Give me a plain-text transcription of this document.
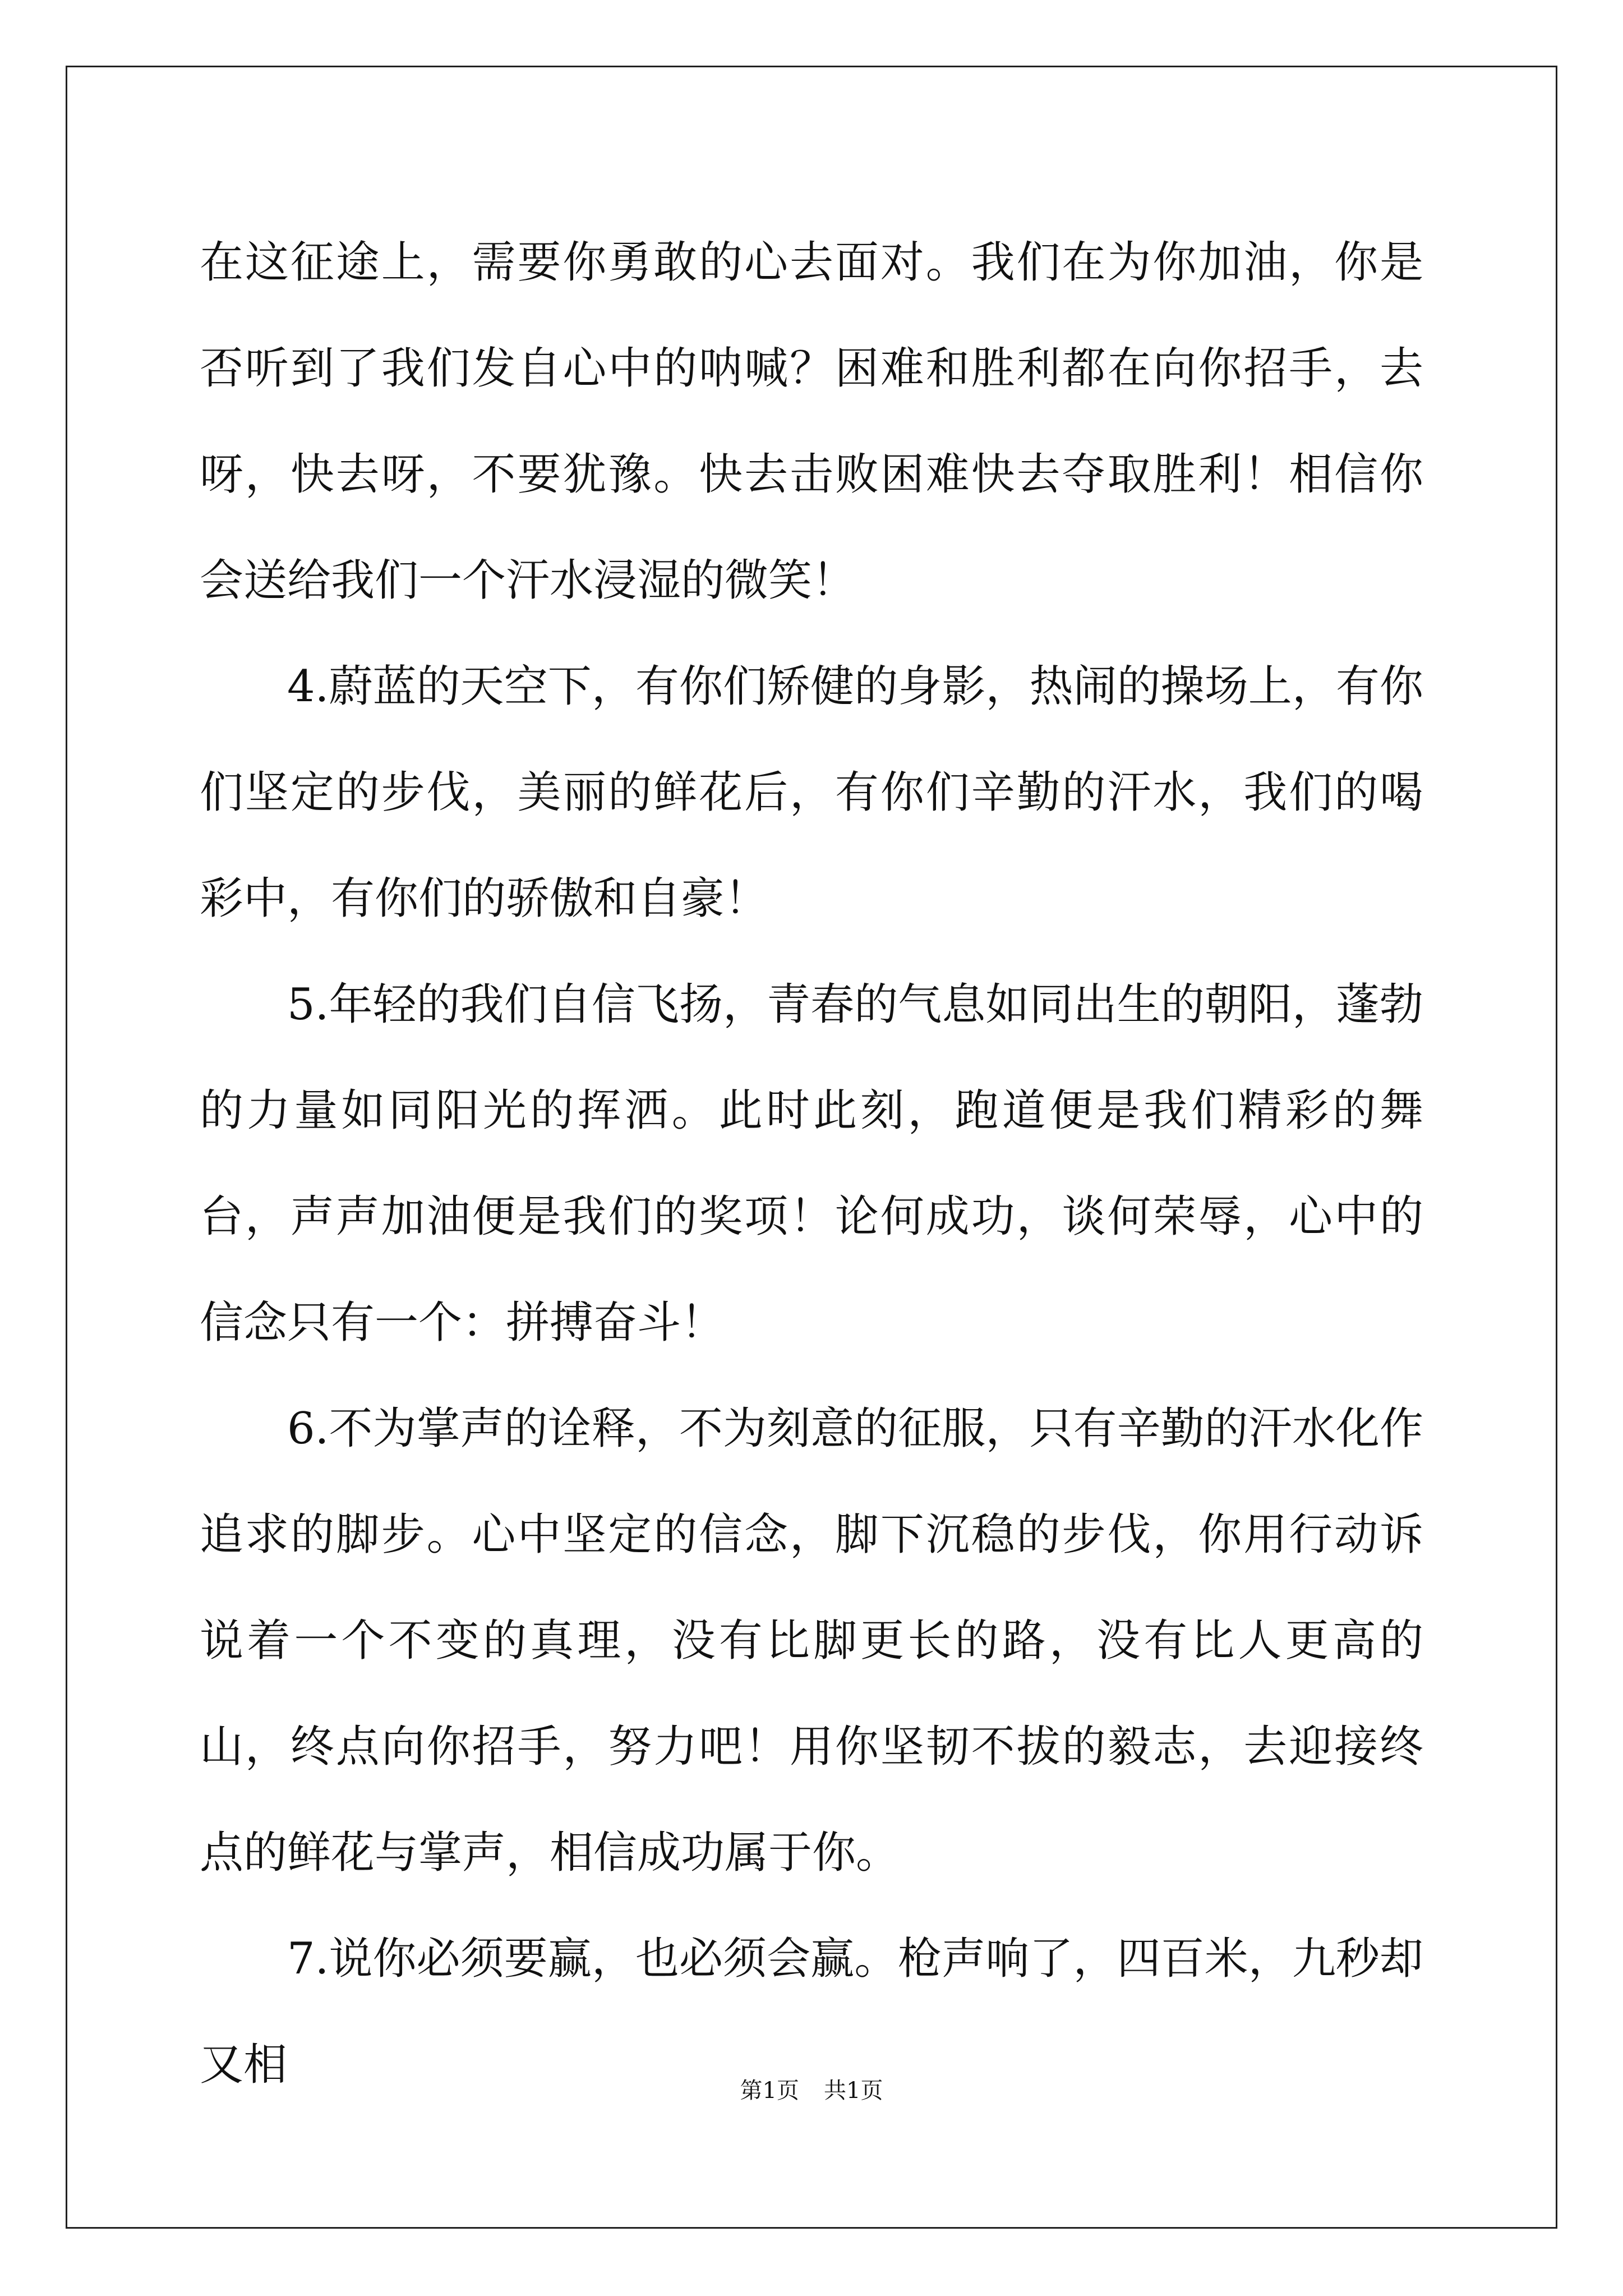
在这征途上，需要你勇敢的心去面对。我们在为你加油，你是否听到了我们发自心中的呐喊？困难和胜利都在向你招手，去呀，快去呀，不要犹豫。快去击败困难快去夺取胜利！相信你会送给我们一个汗水浸湿的微笑！

4.蔚蓝的天空下，有你们矫健的身影，热闹的操场上，有你们坚定的步伐，美丽的鲜花后，有你们辛勤的汗水，我们的喝彩中，有你们的骄傲和自豪！

5.年轻的我们自信飞扬，青春的气息如同出生的朝阳，蓬勃的力量如同阳光的挥洒。此时此刻，跑道便是我们精彩的舞台，声声加油便是我们的奖项！论何成功，谈何荣辱，心中的信念只有一个：拼搏奋斗！

6.不为掌声的诠释，不为刻意的征服，只有辛勤的汗水化作追求的脚步。心中坚定的信念，脚下沉稳的步伐，你用行动诉说着一个不变的真理，没有比脚更长的路，没有比人更高的山，终点向你招手，努力吧！用你坚韧不拔的毅志，去迎接终点的鲜花与掌声，相信成功属于你。

7.说你必须要赢，也必须会赢。枪声响了，四百米，九秒却又相

第1页 共1页
